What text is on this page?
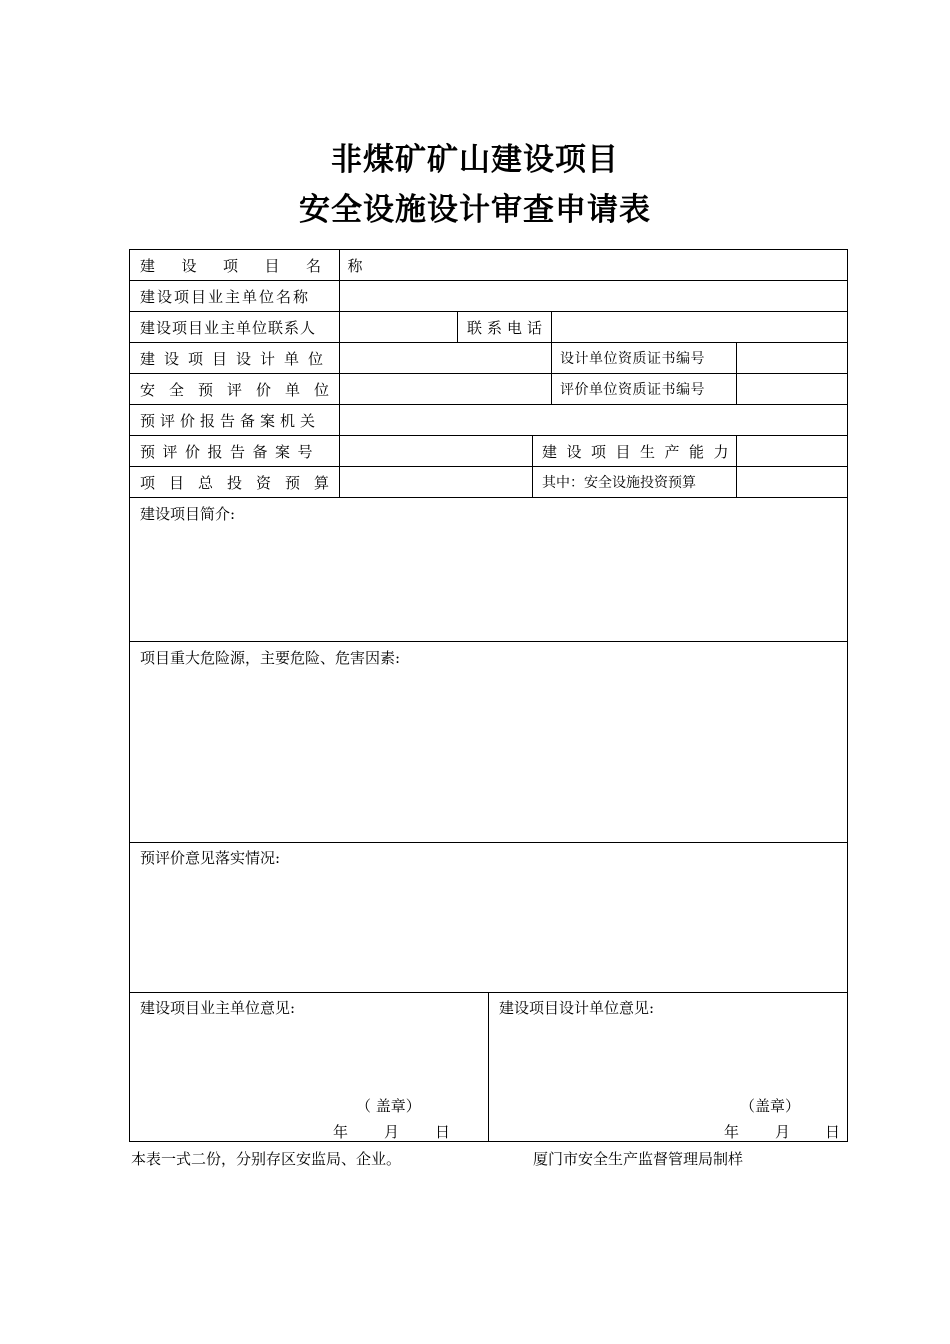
非煤矿矿山建设项目
安全设施设计审查申请表
建设项目名称
建设项目业主单位名称
建设项目业主单位联系人	联系电话
建设项目设计单位	设计单位资质证书编号
安全预评价单位	评价单位资质证书编号
预评价报告备案机关
预评价报告备案号	建设项目生产能力
项目总投资预算	其中：安全设施投资预算
建设项目简介:
项目重大危险源，主要危险、危害因素:
预评价意见落实情况:
建设项目业主单位意见:
（ 盖章）
年 月 日
建设项目设计单位意见:
（盖章）
年 月 日
本表一式二份，分别存区安监局、企业。	厦门市安全生产监督管理局制样
